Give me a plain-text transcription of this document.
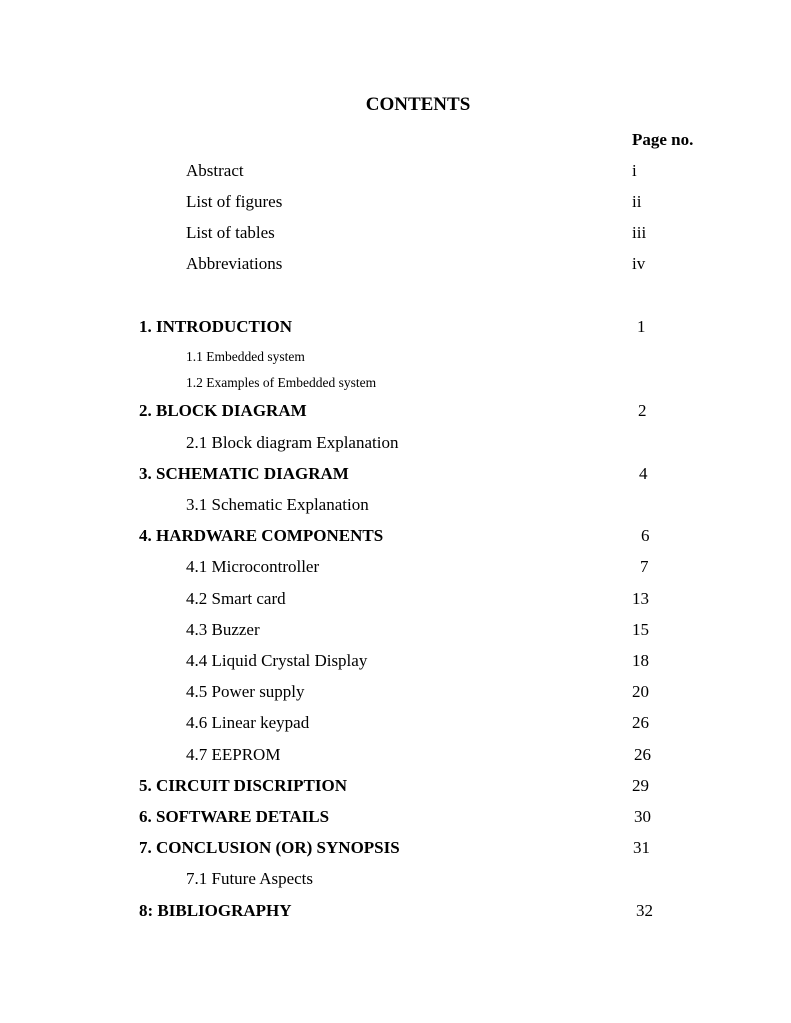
CONTENTS
Page no.
Abstract	i
List of figures	ii
List of tables	iii
Abbreviations	iv
1. INTRODUCTION	1
1.1 Embedded system
1.2 Examples of Embedded system
2. BLOCK DIAGRAM	2
2.1 Block diagram Explanation
3. SCHEMATIC DIAGRAM	4
3.1 Schematic Explanation
4. HARDWARE COMPONENTS	6
4.1 Microcontroller	7
4.2 Smart card	13
4.3 Buzzer	15
4.4 Liquid Crystal Display	18
4.5 Power supply	20
4.6 Linear keypad	26
4.7 EEPROM	26
5. CIRCUIT DISCRIPTION	29
6. SOFTWARE DETAILS	30
7. CONCLUSION (OR) SYNOPSIS	31
7.1 Future Aspects
8: BIBLIOGRAPHY	32
